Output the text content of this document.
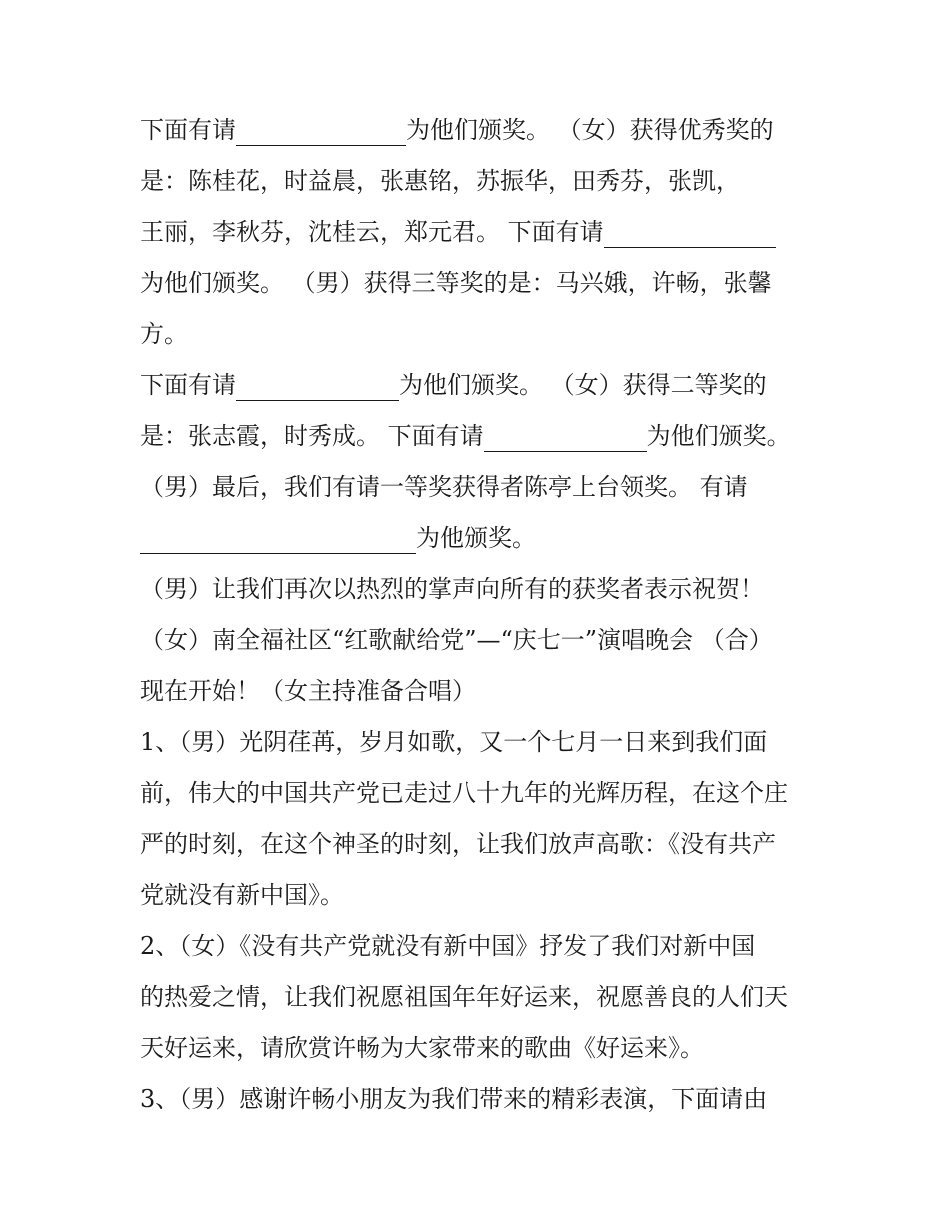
下面有请	为他们颁奖。 （女）获得优秀奖的
是：陈桂花，时益晨，张惠铭，苏振华，田秀芬，张凯，
王丽，李秋芬，沈桂云，郑元君。 下面有请
为他们颁奖。 （男）获得三等奖的是：马兴娥，许畅，张馨
方。
下面有请	为他们颁奖。 （女）获得二等奖的
是：张志霞，时秀成。 下面有请	为他们颁奖。
（男）最后，我们有请一等奖获得者陈亭上台领奖。 有请
为他颁奖。
（男）让我们再次以热烈的掌声向所有的获奖者表示祝贺！
（女）南全福社区“红歌献给党”—“庆七一”演唱晚会 （合）
现在开始！（女主持准备合唱）
1、（男）光阴荏苒，岁月如歌，又一个七月一日来到我们面
前，伟大的中国共产党已走过八十九年的光辉历程，在这个庄
严的时刻，在这个神圣的时刻，让我们放声高歌：《没有共产
党就没有新中国》。
2、（女）《没有共产党就没有新中国》抒发了我们对新中国
的热爱之情，让我们祝愿祖国年年好运来，祝愿善良的人们天
天好运来，请欣赏许畅为大家带来的歌曲《好运来》。
3、（男）感谢许畅小朋友为我们带来的精彩表演，下面请由
